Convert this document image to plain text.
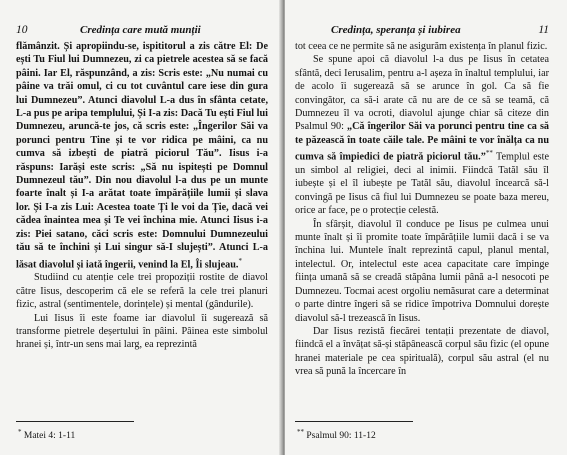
10	Credința care mută munții

flămânzit. Și apropiindu-se, ispititorul a zis către El: De ești Tu Fiul lui Dumnezeu, zi ca pietrele acestea să se facă pâini. Iar El, răspunzând, a zis: Scris este: „Nu numai cu pâine va trăi omul, ci cu tot cuvântul care iese din gura lui Dumnezeu”. Atunci diavolul L-a dus în sfânta cetate, L-a pus pe aripa templului, Și I-a zis: Dacă Tu ești Fiul lui Dumnezeu, aruncă-te jos, că scris este: „Îngerilor Săi va porunci pentru Tine și te vor ridica pe mâini, ca nu cumva să izbești de piatră piciorul Tău”. Iisus i-a răspuns: Iarăși este scris: „Să nu ispitești pe Domnul Dumnezeul tău”. Din nou diavolul l-a dus pe un munte foarte înalt și I-a arătat toate împărățiile lumii și slava lor. Și I-a zis Lui: Acestea toate Ți le voi da Ție, dacă vei cădea înaintea mea și Te vei închina mie. Atunci Iisus i-a zis: Piei satano, căci scris este: Domnului Dumnezeului tău să te închini și Lui singur să-I slujești”. Atunci L-a lăsat diavolul și iată îngerii, venind la El, Îi slujeau.*

Studiind cu atenție cele trei propoziții rostite de diavol către Iisus, descoperim că ele se referă la cele trei planuri fizic, astral (sentimentele, dorințele) și mental (gândurile).

Lui Iisus îi este foame iar diavolul îi sugerează să transforme pietrele deșertului în pâini. Pâinea este simbolul hranei și, într-un sens mai larg, ea reprezintă

* Matei 4: 1-11
Credința, speranța și iubirea	11

tot ceea ce ne permite să ne asigurăm existența în planul fizic.

Se spune apoi că diavolul l-a dus pe Iisus în cetatea sfântă, deci Ierusalim, pentru a-l așeza în înaltul templului, iar de acolo îi sugerează să se arunce în gol. Ca să fie convingător, ca să-i arate că nu are de ce să se teamă, că Dumnezeu îl va ocroti, diavolul ajunge chiar să citeze din Psalmul 90: „Că îngerilor Săi va porunci pentru tine ca să te păzească în toate căile tale. Pe mâini te vor înălța ca nu cumva să împiedici de piatră piciorul tău.”** Templul este un simbol al religiei, deci al inimii. Fiindcă Tatăl său îl iubește și el îl iubește pe Tatăl său, diavolul încearcă să-l convingă pe Iisus că fiul lui Dumnezeu se poate baza mereu, orice ar face, pe o protecție celestă.

În sfârșit, diavolul îl conduce pe Iisus pe culmea unui munte înalt și îi promite toate împărățiile lumii dacă i se va închina lui. Muntele înalt reprezintă capul, planul mental, intelectul. Or, intelectul este acea capacitate care împinge ființa umană să se creadă stăpâna lumii până a-l nesocoti pe Dumnezeu. Tocmai acest orgoliu nemăsurat care a determinat o parte dintre îngeri să se ridice împotriva Domnului dorește diavolul să-l trezească în Iisus.

Dar Iisus rezistă fiecărei tentații prezentate de diavol, fiindcă el a învățat să-și stăpânească corpul său fizic (el opune hranei materiale pe cea spirituală), corpul său astral (el nu vrea să pună la încercare în

** Psalmul 90: 11-12
